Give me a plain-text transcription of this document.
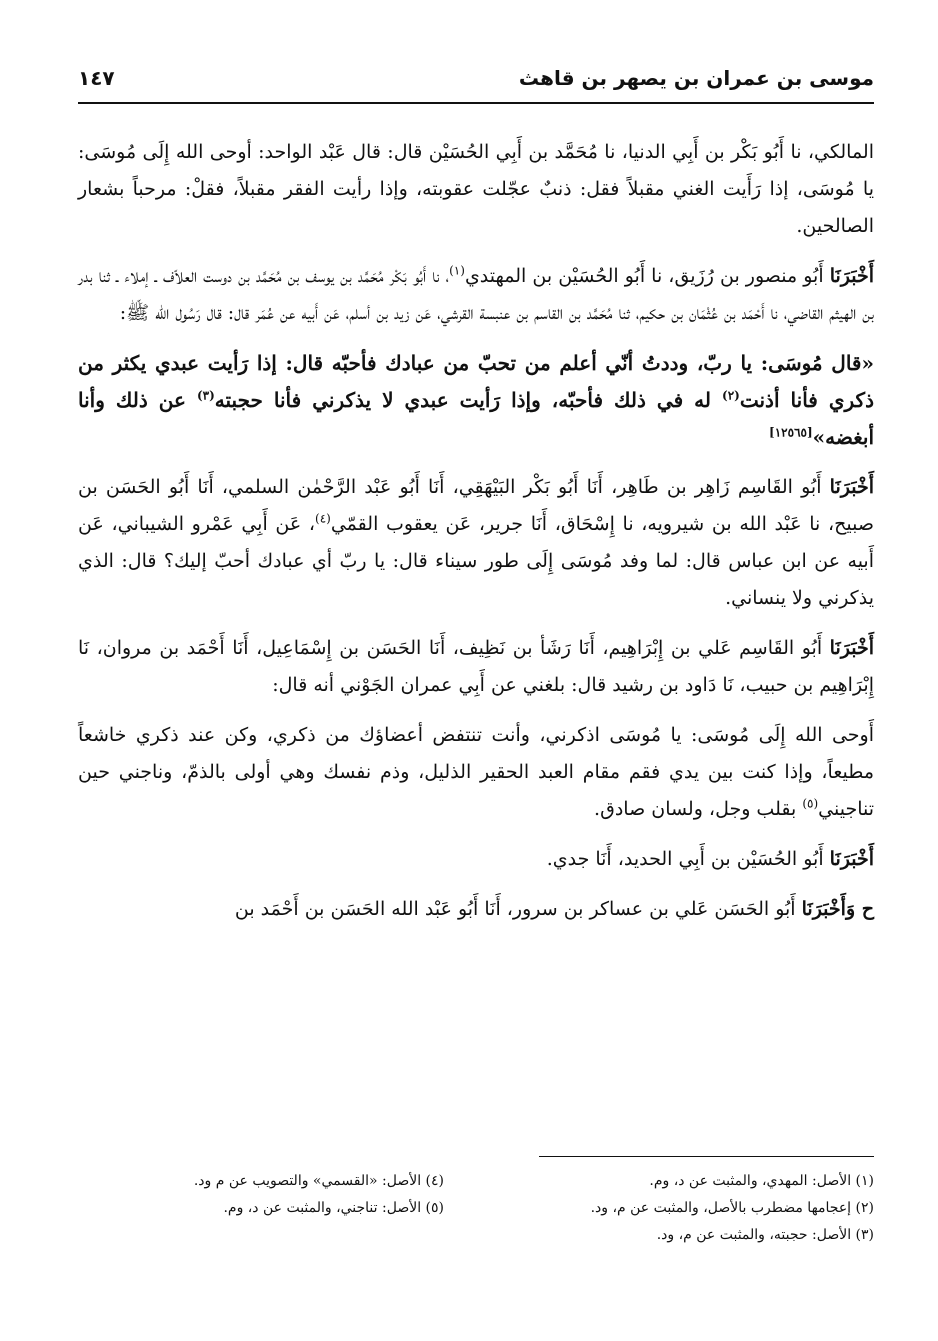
موسى بن عمران بن يصهر بن قاهث
١٤٧

المالكي، نا أَبُو بَكْر بن أَبِي الدنيا، نا مُحَمَّد بن أَبِي الحُسَيْن قال: قال عَبْد الواحد: أوحى الله إِلَى مُوسَى: يا مُوسَى، إذا رَأَيت الغني مقبلاً فقل: ذنبٌ عجّلت عقوبته، وإذا رأيت الفقر مقبلاً، فقلْ: مرحباً بشعار الصالحين.

أَخْبَرَنَا أَبُو منصور بن رُزَيق، نا أَبُو الحُسَيْن بن المهتدي$^{(١)}$، نا أَبُو بَكْر مُحَمَّد بن يوسف بن مُحَمَّد بن دوست العلاّف ـ إملاء ـ ثنا بدر بن الهيثم القاضي، نا أَحْمَد بن عُثْمَان بن حكيم، ثنا مُحَمَّد بن القاسم بن عنبسة القرشي، عَن زيد بن أسلم، عَن أَبيه عن عُمَر قال: قال رَسُول الله ﷺ:

«قال مُوسَى: يا ربّ، وددتُ أنّي أعلم من تحبّ من عبادك فأحبّه قال: إذا رَأيت عبدي يكثر من ذكري فأنا أذنت$^{(٢)}$ له في ذلك فأحبّه، وإذا رَأيت عبدي لا يذكرني فأنا حجبته$^{(٣)}$ عن ذلك وأنا أبغضه»[١٢٥٦٥]

أَخْبَرَنَا أَبُو القَاسِم زَاهِر بن طَاهِر، أَنَا أَبُو بَكْر البَيْهَقِي، أَنَا أَبُو عَبْد الرَّحْمٰن السلمي، أَنَا أَبُو الحَسَن بن صبيح، نا عَبْد الله بن شيرويه، نا إِسْحَاق، أَنَا جرير، عَن يعقوب القمّي$^{(٤)}$، عَن أَبِي عَمْرو الشيباني، عَن أَبيه عن ابن عباس قال: لما وفد مُوسَى إِلَى طور سيناء قال: يا ربّ أي عبادك أحبّ إليك؟ قال: الذي يذكرني ولا ينساني.

أَخْبَرَنَا أَبُو القَاسِم عَلي بن إِبْرَاهِيم، أَنَا رَشَأ بن نَظِيف، أَنَا الحَسَن بن إِسْمَاعِيل، أَنَا أَحْمَد بن مروان، نَا إِبْرَاهِيم بن حبيب، نَا دَاود بن رشيد قال: بلغني عن أَبِي عمران الجَوْني أنه قال:

أَوحى الله إِلَى مُوسَى: يا مُوسَى اذكرني، وأنت تنتفض أعضاؤك من ذكري، وكن عند ذكري خاشعاً مطيعاً، وإذا كنت بين يدي فقم مقام العبد الحقير الذليل، وذم نفسك وهي أولى بالذمّ، وناجني حين تناجيني$^{(٥)}$ بقلب وجل، ولسان صادق.

أَخْبَرَنَا أَبُو الحُسَيْن بن أَبِي الحديد، أَنَا جدي.

ح وَأَخْبَرَنَا أَبُو الحَسَن عَلي بن عساكر بن سرور، أَنَا أَبُو عَبْد الله الحَسَن بن أَحْمَد بن

(١) الأصل: المهدي، والمثبت عن د، وم.
(٢) إعجامها مضطرب بالأصل، والمثبت عن م، ود.
(٣) الأصل: حجبته، والمثبت عن م، ود.
(٤) الأصل: «القسمي» والتصويب عن م ود.
(٥) الأصل: تناجني، والمثبت عن د، وم.
